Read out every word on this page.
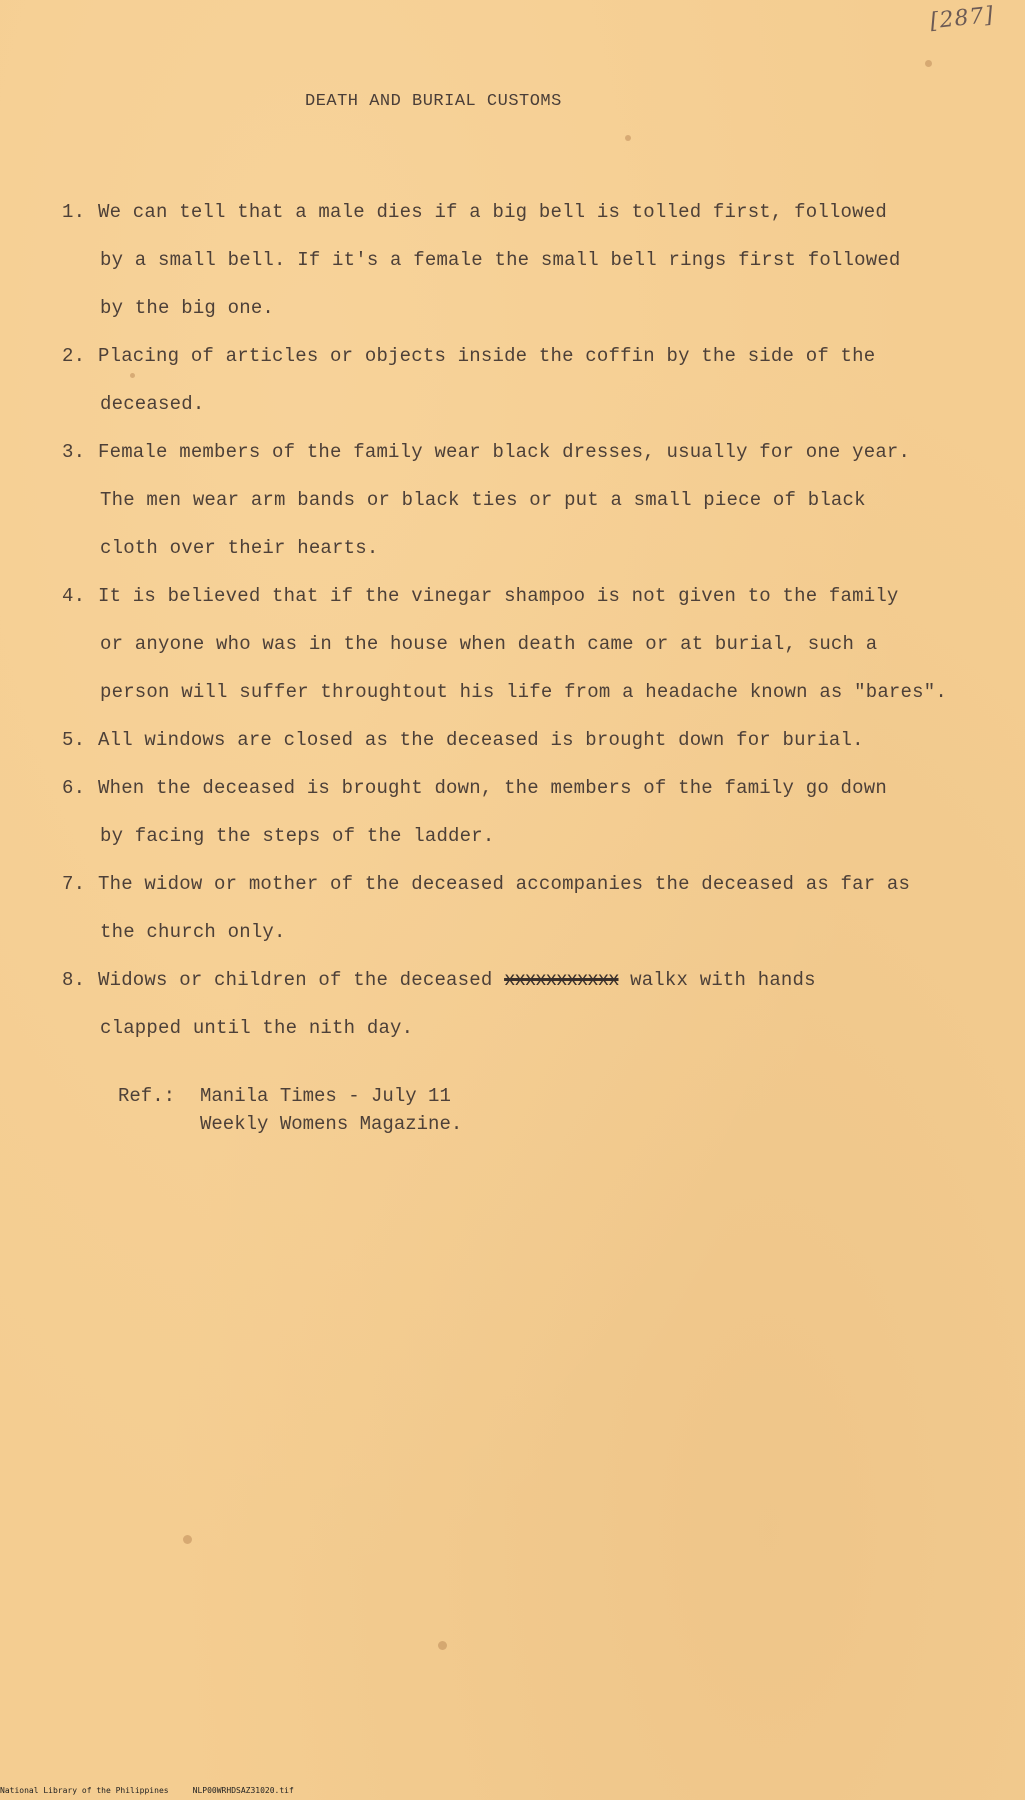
[287]
DEATH AND BURIAL CUSTOMS
1. We can tell that a male dies if a big bell is tolled first, followed
by a small bell. If it's a female the small bell rings first followed
by the big one.
2. Placing of articles or objects inside the coffin by the side of the
deceased.
3. Female members of the family wear black dresses, usually for one year.
The men wear arm bands or black ties or put a small piece of black
cloth over their hearts.
4. It is believed that if the vinegar shampoo is not given to the family
or anyone who was in the house when death came or at burial, such a
person will suffer throughtout his life from a headache known as "bares".
5. All windows are closed as the deceased is brought down for burial.
6. When the deceased is brought down, the members of the family go down
by facing the steps of the ladder.
7. The widow or mother of the deceased accompanies the deceased as far as
the church only.
8. Widows or children of the deceased xxxxxxxxxxx walkx with hands
clapped until the nith day.
Ref.: Manila Times - July 11
Weekly Womens Magazine.
National Library of the Philippines     NLP00WRHDSAZ31020.tif
